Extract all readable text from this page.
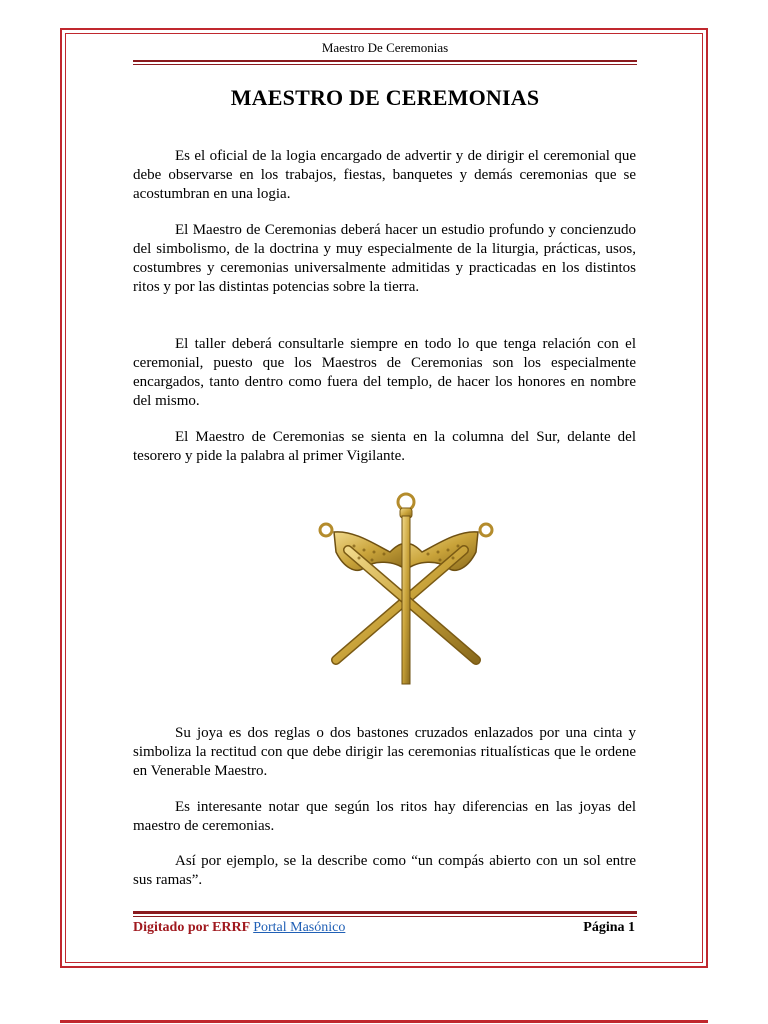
Maestro De Ceremonias
MAESTRO DE CEREMONIAS

Es el oficial de la logia encargado de advertir y de dirigir el ceremonial que debe observarse en los trabajos, fiestas, banquetes y demás ceremonias que se acostumbran en una logia.

El Maestro de Ceremonias deberá hacer un estudio profundo y concienzudo del simbolismo, de la doctrina y muy especialmente de la liturgia, prácticas, usos, costumbres y ceremonias universalmente admitidas y practicadas en los distintos ritos y por las distintas potencias sobre la tierra.

El taller deberá consultarle siempre en todo lo que tenga relación con el ceremonial, puesto que los Maestros de Ceremonias son los especialmente encargados, tanto dentro como fuera del templo, de hacer los honores en nombre del mismo.

El Maestro de Ceremonias se sienta en la columna del Sur, delante del tesorero y pide la palabra al primer Vigilante.

Su joya es dos reglas o dos bastones cruzados enlazados por una cinta y simboliza la rectitud con que debe dirigir las ceremonias ritualísticas que le ordene en Venerable Maestro.

Es interesante notar que según los ritos hay diferencias en las joyas del maestro de ceremonias.

Así por ejemplo, se la describe como “un compás abierto con un sol entre sus ramas”.

Digitado por ERRF Portal Masónico	Página 1
